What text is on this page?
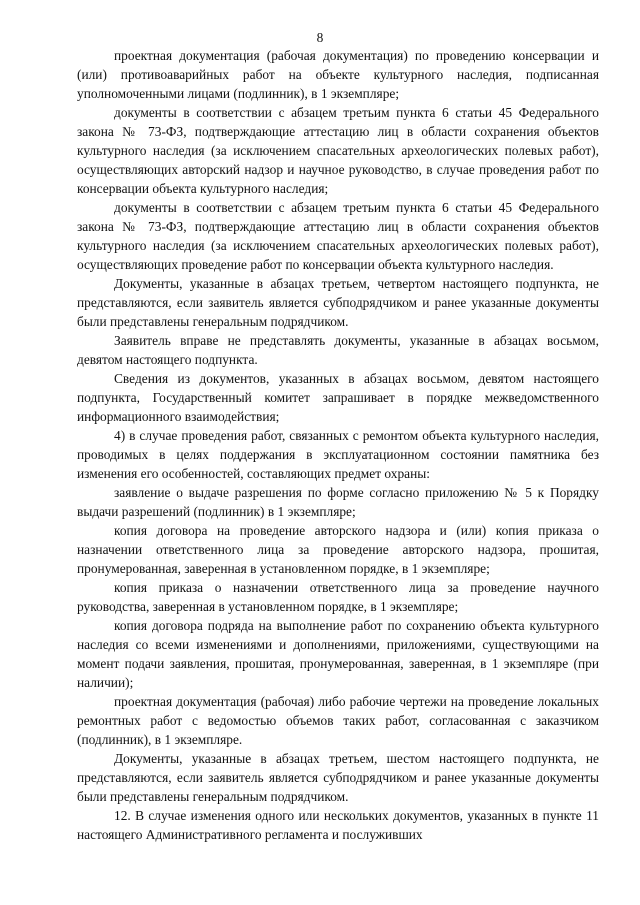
8

проектная документация (рабочая документация) по проведению консервации и (или) противоаварийных работ на объекте культурного наследия, подписанная уполномоченными лицами (подлинник), в 1 экземпляре;

документы в соответствии с абзацем третьим пункта 6 статьи 45 Федерального закона № 73-ФЗ, подтверждающие аттестацию лиц в области сохранения объектов культурного наследия (за исключением спасательных археологических полевых работ), осуществляющих авторский надзор и научное руководство, в случае проведения работ по консервации объекта культурного наследия;

документы в соответствии с абзацем третьим пункта 6 статьи 45 Федерального закона № 73-ФЗ, подтверждающие аттестацию лиц в области сохранения объектов культурного наследия (за исключением спасательных археологических полевых работ), осуществляющих проведение работ по консервации объекта культурного наследия.

Документы, указанные в абзацах третьем, четвертом настоящего подпункта, не представляются, если заявитель является субподрядчиком и ранее указанные документы были представлены генеральным подрядчиком.

Заявитель вправе не представлять документы, указанные в абзацах восьмом, девятом настоящего подпункта.

Сведения из документов, указанных в абзацах восьмом, девятом настоящего подпункта, Государственный комитет запрашивает в порядке межведомственного информационного взаимодействия;

4) в случае проведения работ, связанных с ремонтом объекта культурного наследия, проводимых в целях поддержания в эксплуатационном состоянии памятника без изменения его особенностей, составляющих предмет охраны:

заявление о выдаче разрешения по форме согласно приложению № 5 к Порядку выдачи разрешений (подлинник) в 1 экземпляре;

копия договора на проведение авторского надзора и (или) копия приказа о назначении ответственного лица за проведение авторского надзора, прошитая, пронумерованная, заверенная в установленном порядке, в 1 экземпляре;

копия приказа о назначении ответственного лица за проведение научного руководства, заверенная в установленном порядке, в 1 экземпляре;

копия договора подряда на выполнение работ по сохранению объекта культурного наследия со всеми изменениями и дополнениями, приложениями, существующими на момент подачи заявления, прошитая, пронумерованная, заверенная, в 1 экземпляре (при наличии);

проектная документация (рабочая) либо рабочие чертежи на проведение локальных ремонтных работ с ведомостью объемов таких работ, согласованная с заказчиком (подлинник), в 1 экземпляре.

Документы, указанные в абзацах третьем, шестом настоящего подпункта, не представляются, если заявитель является субподрядчиком и ранее указанные документы были представлены генеральным подрядчиком.

12. В случае изменения одного или нескольких документов, указанных в пункте 11 настоящего Административного регламента и послуживших
